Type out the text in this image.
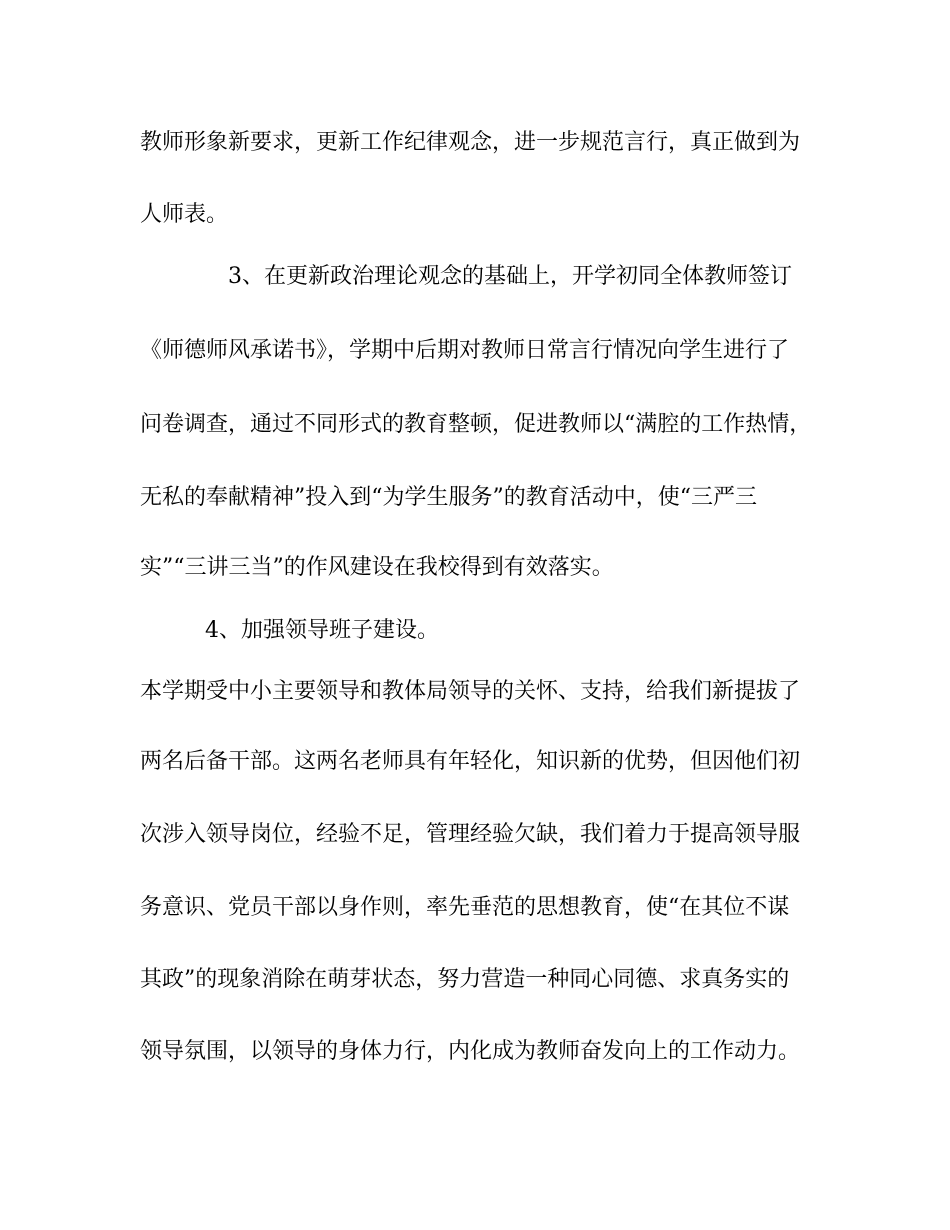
教师形象新要求，更新工作纪律观念，进一步规范言行，真正做到为
人师表。
3、在更新政治理论观念的基础上，开学初同全体教师签订
《师德师风承诺书》，学期中后期对教师日常言行情况向学生进行了
问卷调查，通过不同形式的教育整顿，促进教师以“满腔的工作热情，
无私的奉献精神”投入到“为学生服务”的教育活动中，使“三严三
实”“三讲三当”的作风建设在我校得到有效落实。
4、加强领导班子建设。
本学期受中小主要领导和教体局领导的关怀、支持，给我们新提拔了
两名后备干部。这两名老师具有年轻化，知识新的优势，但因他们初
次涉入领导岗位，经验不足，管理经验欠缺，我们着力于提高领导服
务意识、党员干部以身作则，率先垂范的思想教育，使“在其位不谋
其政”的现象消除在萌芽状态，努力营造一种同心同德、求真务实的
领导氛围，以领导的身体力行，内化成为教师奋发向上的工作动力。
